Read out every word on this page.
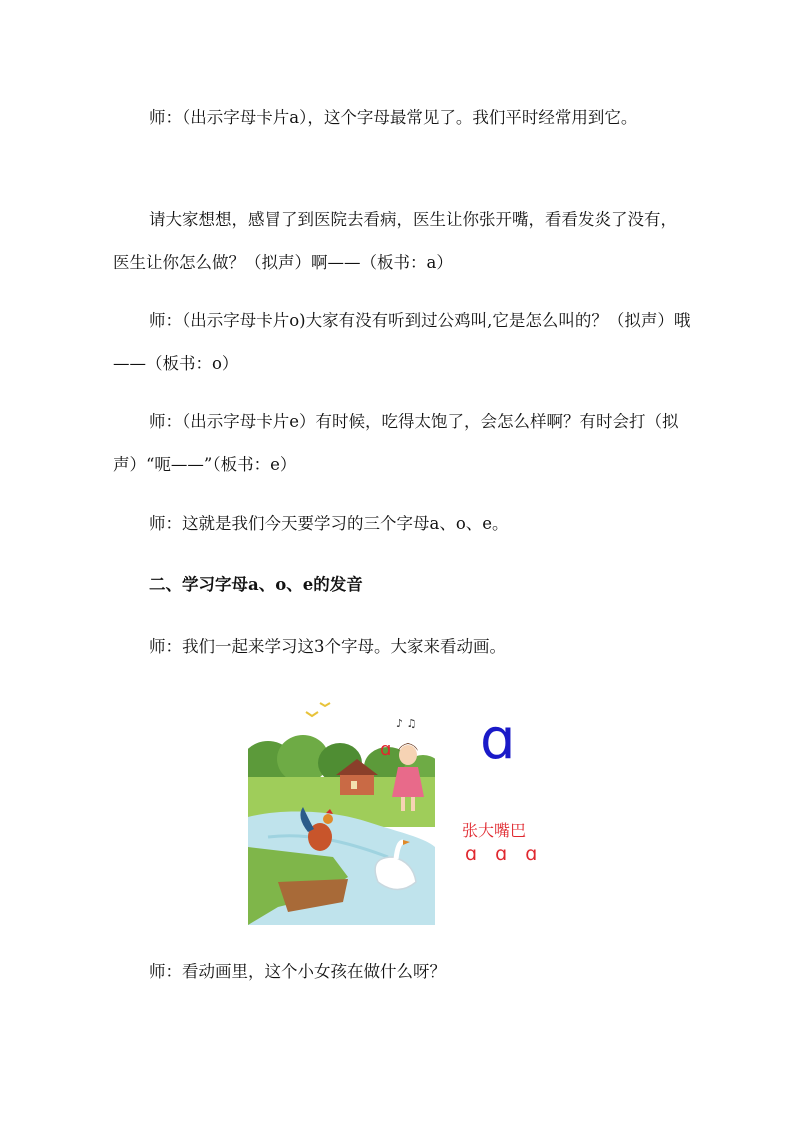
师：（出示字母卡片a），这个字母最常见了。我们平时经常用到它。

请大家想想，感冒了到医院去看病，医生让你张开嘴，看看发炎了没有，医生让你怎么做？（拟声）啊——（板书：a）

师：（出示字母卡片o)大家有没有听到过公鸡叫,它是怎么叫的？（拟声）哦——（板书：o）

师：（出示字母卡片e）有时候，吃得太饱了，会怎么样啊？有时会打（拟声）“呃——”（板书：e）

师：这就是我们今天要学习的三个字母a、o、e。

二、学习字母a、o、e的发音

师：我们一起来学习这3个字母。大家来看动画。

♪ ♫
ɑ ɑ
张大嘴巴
ɑ ɑ ɑ

师：看动画里，这个小女孩在做什么呀？
